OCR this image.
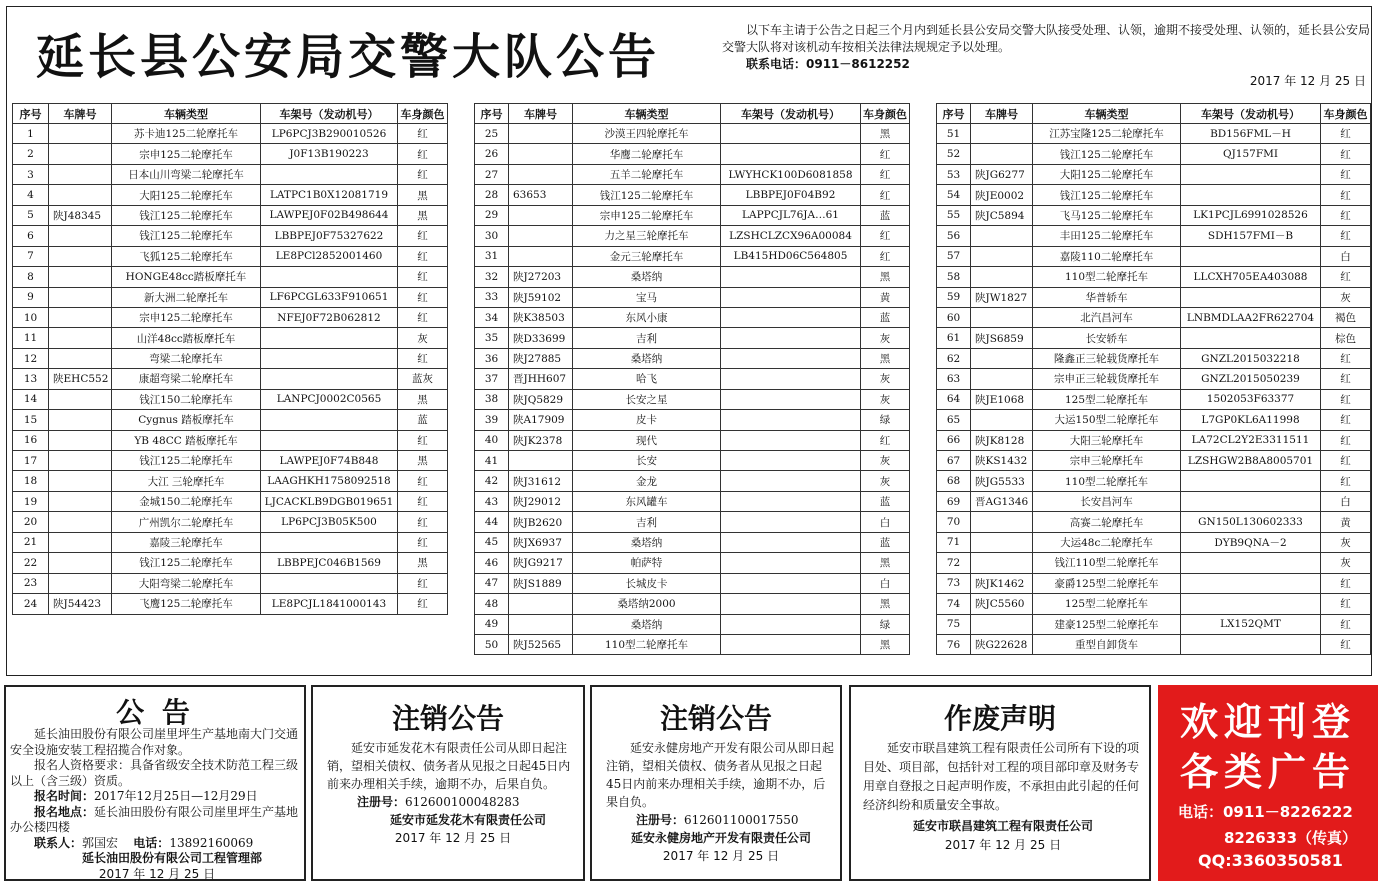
延长县公安局交警大队公告	以下车主请于公告之日起三个月内到延长县公安局交警大队接受处理、认领，逾期不接受处理、认领的，延长县公安局交警大队将对该机动车按相关法律法规规定予以处理。
联系电话：0911－8612252
2017 年 12 月 25 日
序号	车牌号	车辆类型	车架号（发动机号）	车身颜色
1		苏卡迪125二轮摩托车	LP6PCJ3B290010526	红
2		宗申125二轮摩托车	J0F13B190223	红
3		日本山川弯梁二轮摩托车		红
4		大阳125二轮摩托车	LATPC1B0X12081719	黑
5	陕J48345	钱江125二轮摩托车	LAWPEJ0F02B498644	黑
6		钱江125二轮摩托车	LBBPEJ0F75327622	红
7		飞狐125二轮摩托车	LE8PCl2852001460	红
8		HONGE48cc踏板摩托车		红
9		新大洲二轮摩托车	LF6PCGL633F910651	红
10		宗申125二轮摩托车	NFEJ0F72B062812	红
11		山洋48cc踏板摩托车		灰
12		弯梁二轮摩托车		红
13	陕EHC552	康超弯梁二轮摩托车		蓝灰
14		钱江150二轮摩托车	LANPCJ0002C0565	黑
15		Cygnus 踏板摩托车		蓝
16		YB 48CC 踏板摩托车		红
17		钱江125二轮摩托车	LAWPEJ0F74B848	黑
18		大江 三轮摩托车	LAAGHKH1758092518	红
19		金城150二轮摩托车	LJCACKLB9DGB019651	红
20		广州凯尔二轮摩托车	LP6PCJ3B05K500	红
21		嘉陵三轮摩托车		红
22		钱江125二轮摩托车	LBBPEJC046B1569	黑
23		大阳弯梁二轮摩托车		红
24	陕J54423	飞鹰125二轮摩托车	LE8PCJL1841000143	红
序号	车牌号	车辆类型	车架号（发动机号）	车身颜色
25		沙漠王四轮摩托车		黑
26		华鹰二轮摩托车		红
27		五羊二轮摩托车	LWYHCK100D6081858	红
28	63653	钱江125二轮摩托车	LBBPEJ0F04B92	红
29		宗申125二轮摩托车	LAPPCJL76JA…61	蓝
30		力之星三轮摩托车	LZSHCLZCX96A00084	红
31		金元三轮摩托车	LB415HD06C564805	红
32	陕J27203	桑塔纳		黑
33	陕J59102	宝马		黄
34	陕K38503	东风小康		蓝
35	陕D33699	吉利		灰
36	陕J27885	桑塔纳		黑
37	晋JHH607	哈飞		灰
38	陕JQ5829	长安之星		灰
39	陕A17909	皮卡		绿
40	陕JK2378	现代		红
41		长安		灰
42	陕J31612	金龙		灰
43	陕J29012	东风罐车		蓝
44	陕JB2620	吉利		白
45	陕JX6937	桑塔纳		蓝
46	陕JG9217	帕萨特		黑
47	陕JS1889	长城皮卡		白
48		桑塔纳2000		黑
49		桑塔纳		绿
50	陕J52565	110型二轮摩托车		黑
序号	车牌号	车辆类型	车架号（发动机号）	车身颜色
51		江苏宝隆125二轮摩托车	BD156FML－H	红
52		钱江125二轮摩托车	QJ157FMI	红
53	陕JG6277	大阳125二轮摩托车		红
54	陕JE0002	钱江125二轮摩托车		红
55	陕JC5894	飞马125二轮摩托车	LK1PCJL6991028526	红
56		丰田125二轮摩托车	SDH157FMI－B	红
57		嘉陵110二轮摩托车		白
58		110型二轮摩托车	LLCXH705EA403088	红
59	陕JW1827	华普轿车		灰
60		北汽昌河车	LNBMDLAA2FR622704	褐色
61	陕JS6859	长安轿车		棕色
62		隆鑫正三轮载货摩托车	GNZL2015032218	红
63		宗申正三轮载货摩托车	GNZL2015050239	红
64	陕JE1068	125型二轮摩托车	1502053F63377	红
65		大运150型二轮摩托车	L7GP0KL6A11998	红
66	陕JK8128	大阳三轮摩托车	LA72CL2Y2E3311511	红
67	陕KS1432	宗申三轮摩托车	LZSHGW2B8A8005701	红
68	陕JG5533	110型二轮摩托车		红
69	晋AG1346	长安昌河车		白
70		高赛二轮摩托车	GN150L130602333	黄
71		大运48c二轮摩托车	DYB9QNA－2	灰
72		钱江110型二轮摩托车		灰
73	陕JK1462	豪爵125型二轮摩托车		红
74	陕JC5560	125型二轮摩托车		红
75		建豪125型二轮摩托车	LX152QMT	红
76	陕G22628	重型自卸货车		红
公 告

延长油田股份有限公司崖里坪生产基地南大门交通安全设施安装工程招揽合作对象。

报名人资格要求：具备省级安全技术防范工程三级以上（含三级）资质。

报名时间：2017年12月25日—12月29日

报名地点：延长油田股份有限公司崖里坪生产基地办公楼四楼

联系人：郭国宏 电话：13892160069

延长油田股份有限公司工程管理部

2017 年 12 月 25 日

注销公告

延安市延发花木有限责任公司从即日起注销，望相关债权、债务者从见报之日起45日内前来办理相关手续，逾期不办，后果自负。

注册号：612600100048283

延安市延发花木有限责任公司

2017 年 12 月 25 日

注销公告

延安永健房地产开发有限公司从即日起注销，望相关债权、债务者从见报之日起45日内前来办理相关手续，逾期不办，后果自负。

注册号：612601100017550

延安永健房地产开发有限责任公司

2017 年 12 月 25 日

作废声明

延安市联昌建筑工程有限责任公司所有下设的项目处、项目部，包括针对工程的项目部印章及财务专用章自登报之日起声明作废，不承担由此引起的任何经济纠纷和质量安全事故。

延安市联昌建筑工程有限责任公司

2017 年 12 月 25 日

欢迎刊登
各类广告
电话：0911－8226222
8226333（传真）
QQ:3360350581
